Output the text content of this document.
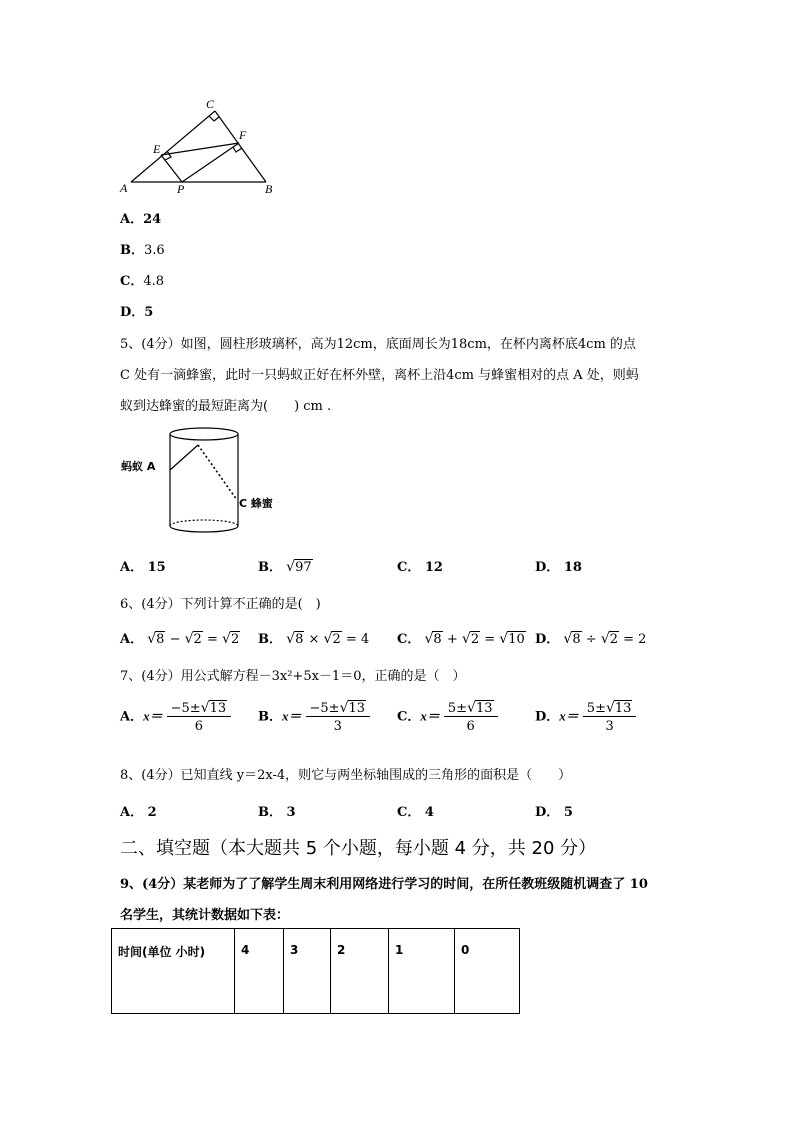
C
E
F
A	P	B
A．24
B．3.6
C．4.8
D．5
5、(4分）如图，圆柱形玻璃杯，高为12cm，底面周长为18cm，在杯内离杯底4cm 的点
C 处有一滴蜂蜜，此时一只蚂蚁正好在杯外壁，离杯上沿4cm 与蜂蜜相对的点 A 处，则蚂
蚁到达蜂蜜的最短距离为(　　) cm .
蚂蚁 A
C 蜂蜜
A． 15	B． √97	C． 12	D． 18
6、(4分）下列计算不正确的是(　)
A． √8 − √2 = √2 B． √8 × √2 = 4 C． √8 + √2 = √10 D． √8 ÷ √2 = 2
7、(4分）用公式解方程－3x²+5x－1＝0，正确的是（　）
A．$x= \frac{-5\pm√13}{6}$ B．$x= \frac{-5\pm√13}{3}$ C．$x= \frac{5\pm√13}{6}$	D．$x= \frac{5\pm√13}{3}$
8、(4分）已知直线 y＝2x-4，则它与两坐标轴围成的三角形的面积是（　　）
A． 2	B． 3	C． 4	D． 5
二、填空题（本大题共 5 个小题，每小题 4 分，共 20 分）
9、(4分）某老师为了了解学生周末利用网络进行学习的时间，在所任教班级随机调查了 10
名学生，其统计数据如下表：
时间(单位 小时)	4	3	2	1	0
